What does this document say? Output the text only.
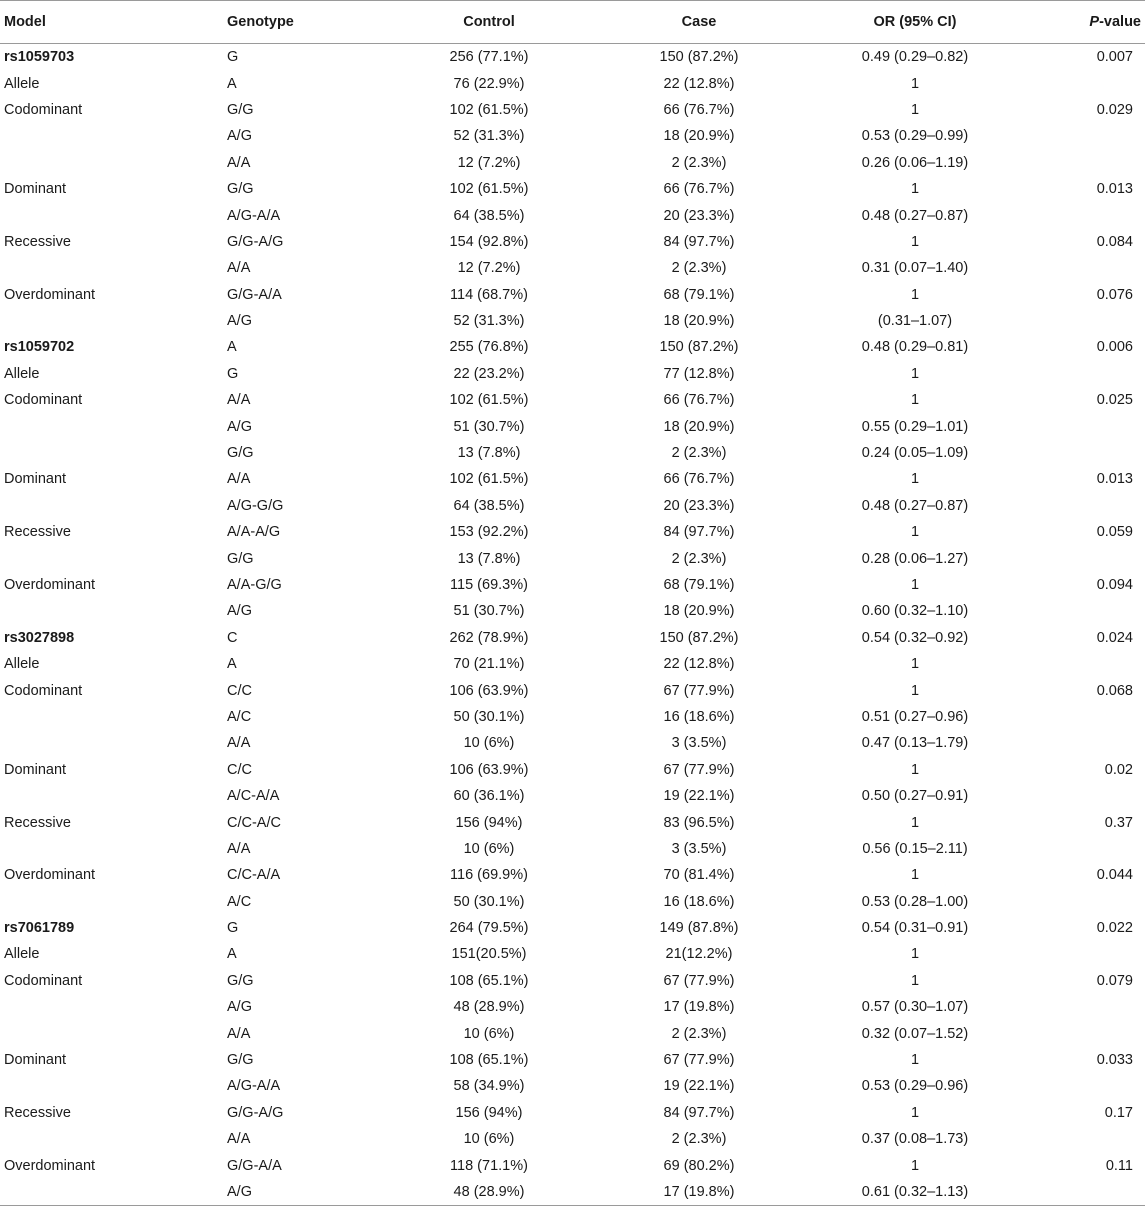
Model	Genotype	Control	Case	OR (95% CI)	P-value
rs1059703	G	256 (77.1%)	150 (87.2%)	0.49 (0.29–0.82)	0.007
Allele	A	76 (22.9%)	22 (12.8%)	1	
Codominant	G/G	102 (61.5%)	66 (76.7%)	1	0.029
	A/G	52 (31.3%)	18 (20.9%)	0.53 (0.29–0.99)	
	A/A	12 (7.2%)	2 (2.3%)	0.26 (0.06–1.19)	
Dominant	G/G	102 (61.5%)	66 (76.7%)	1	0.013
	A/G-A/A	64 (38.5%)	20 (23.3%)	0.48 (0.27–0.87)	
Recessive	G/G-A/G	154 (92.8%)	84 (97.7%)	1	0.084
	A/A	12 (7.2%)	2 (2.3%)	0.31 (0.07–1.40)	
Overdominant	G/G-A/A	114 (68.7%)	68 (79.1%)	1	0.076
	A/G	52 (31.3%)	18 (20.9%)	(0.31–1.07)	
rs1059702	A	255 (76.8%)	150 (87.2%)	0.48 (0.29–0.81)	0.006
Allele	G	22 (23.2%)	77 (12.8%)	1	
Codominant	A/A	102 (61.5%)	66 (76.7%)	1	0.025
	A/G	51 (30.7%)	18 (20.9%)	0.55 (0.29–1.01)	
	G/G	13 (7.8%)	2 (2.3%)	0.24 (0.05–1.09)	
Dominant	A/A	102 (61.5%)	66 (76.7%)	1	0.013
	A/G-G/G	64 (38.5%)	20 (23.3%)	0.48 (0.27–0.87)	
Recessive	A/A-A/G	153 (92.2%)	84 (97.7%)	1	0.059
	G/G	13 (7.8%)	2 (2.3%)	0.28 (0.06–1.27)	
Overdominant	A/A-G/G	115 (69.3%)	68 (79.1%)	1	0.094
	A/G	51 (30.7%)	18 (20.9%)	0.60 (0.32–1.10)	
rs3027898	C	262 (78.9%)	150 (87.2%)	0.54 (0.32–0.92)	0.024
Allele	A	70 (21.1%)	22 (12.8%)	1	
Codominant	C/C	106 (63.9%)	67 (77.9%)	1	0.068
	A/C	50 (30.1%)	16 (18.6%)	0.51 (0.27–0.96)	
	A/A	10 (6%)	3 (3.5%)	0.47 (0.13–1.79)	
Dominant	C/C	106 (63.9%)	67 (77.9%)	1	0.02
	A/C-A/A	60 (36.1%)	19 (22.1%)	0.50 (0.27–0.91)	
Recessive	C/C-A/C	156 (94%)	83 (96.5%)	1	0.37
	A/A	10 (6%)	3 (3.5%)	0.56 (0.15–2.11)	
Overdominant	C/C-A/A	116 (69.9%)	70 (81.4%)	1	0.044
	A/C	50 (30.1%)	16 (18.6%)	0.53 (0.28–1.00)	
rs7061789	G	264 (79.5%)	149 (87.8%)	0.54 (0.31–0.91)	0.022
Allele	A	151(20.5%)	21(12.2%)	1	
Codominant	G/G	108 (65.1%)	67 (77.9%)	1	0.079
	A/G	48 (28.9%)	17 (19.8%)	0.57 (0.30–1.07)	
	A/A	10 (6%)	2 (2.3%)	0.32 (0.07–1.52)	
Dominant	G/G	108 (65.1%)	67 (77.9%)	1	0.033
	A/G-A/A	58 (34.9%)	19 (22.1%)	0.53 (0.29–0.96)	
Recessive	G/G-A/G	156 (94%)	84 (97.7%)	1	0.17
	A/A	10 (6%)	2 (2.3%)	0.37 (0.08–1.73)	
Overdominant	G/G-A/A	118 (71.1%)	69 (80.2%)	1	0.11
	A/G	48 (28.9%)	17 (19.8%)	0.61 (0.32–1.13)	
